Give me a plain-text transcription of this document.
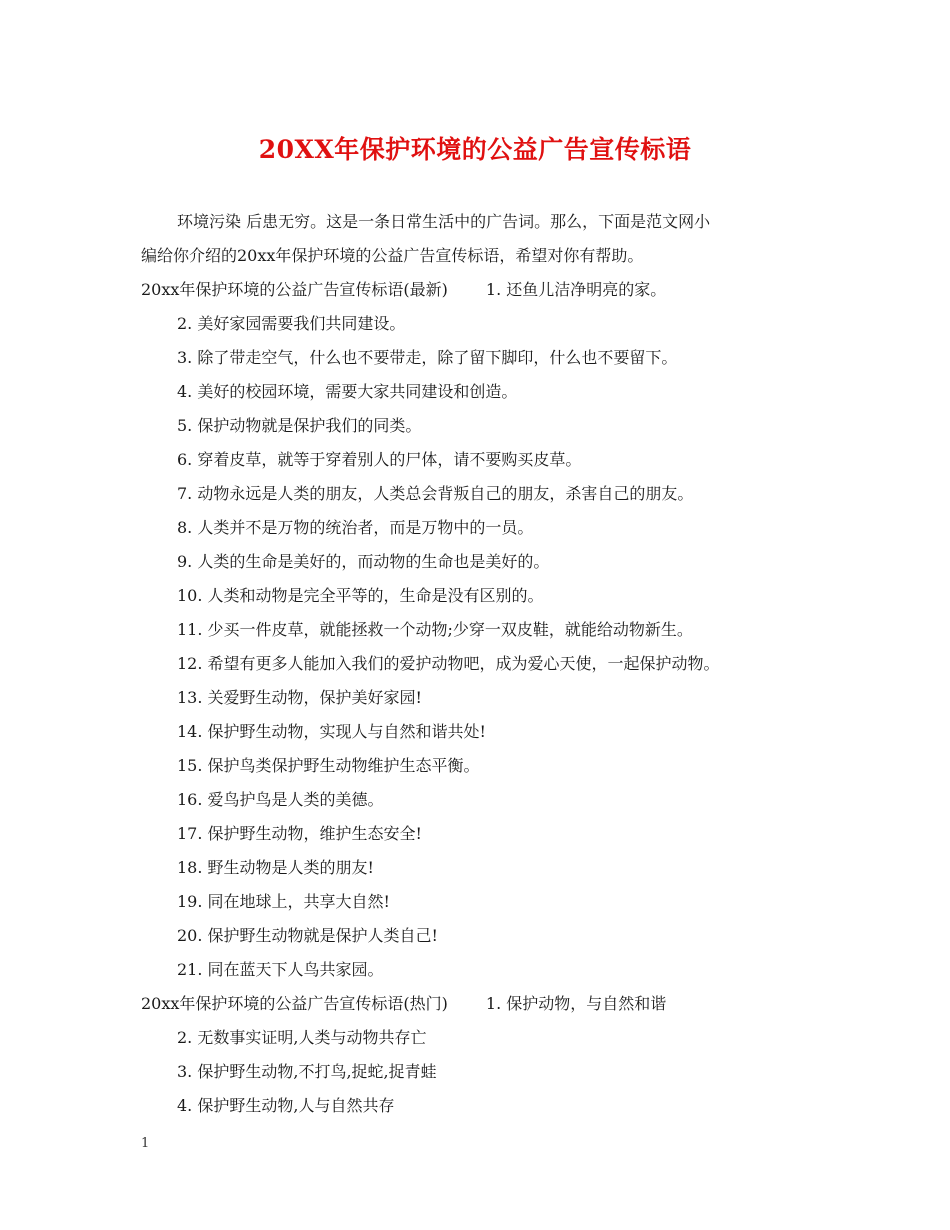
20XX年保护环境的公益广告宣传标语

环境污染 后患无穷。这是一条日常生活中的广告词。那么，下面是范文网小
编给你介绍的20xx年保护环境的公益广告宣传标语，希望对你有帮助。

20xx年保护环境的公益广告宣传标语(最新) 1. 还鱼儿洁净明亮的家。
2. 美好家园需要我们共同建设。
3. 除了带走空气，什么也不要带走，除了留下脚印，什么也不要留下。
4. 美好的校园环境，需要大家共同建设和创造。
5. 保护动物就是保护我们的同类。
6. 穿着皮草，就等于穿着别人的尸体，请不要购买皮草。
7. 动物永远是人类的朋友，人类总会背叛自己的朋友，杀害自己的朋友。
8. 人类并不是万物的统治者，而是万物中的一员。
9. 人类的生命是美好的，而动物的生命也是美好的。
10. 人类和动物是完全平等的，生命是没有区别的。
11. 少买一件皮草，就能拯救一个动物;少穿一双皮鞋，就能给动物新生。
12. 希望有更多人能加入我们的爱护动物吧，成为爱心天使，一起保护动物。
13. 关爱野生动物，保护美好家园!
14. 保护野生动物，实现人与自然和谐共处!
15. 保护鸟类保护野生动物维护生态平衡。
16. 爱鸟护鸟是人类的美德。
17. 保护野生动物，维护生态安全!
18. 野生动物是人类的朋友!
19. 同在地球上，共享大自然!
20. 保护野生动物就是保护人类自己!
21. 同在蓝天下人鸟共家园。
20xx年保护环境的公益广告宣传标语(热门) 1. 保护动物，与自然和谐
2. 无数事实证明,人类与动物共存亡
3. 保护野生动物,不打鸟,捉蛇,捉青蛙
4. 保护野生动物,人与自然共存
1
